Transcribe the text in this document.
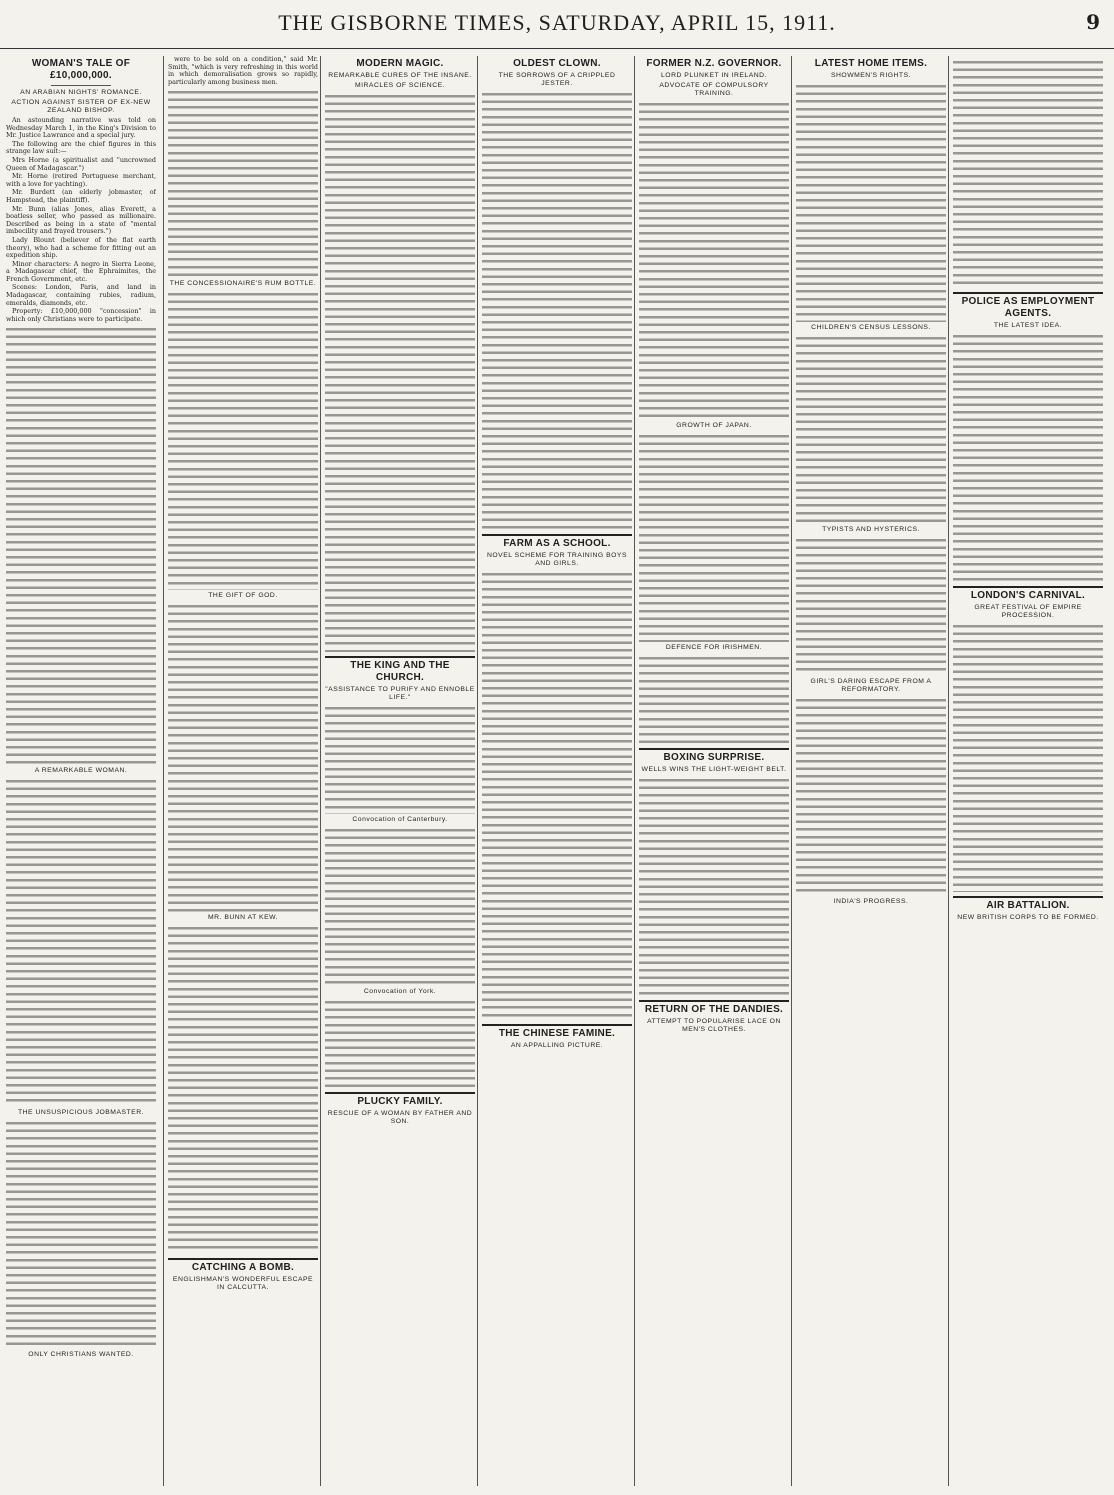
THE GISBORNE TIMES, SATURDAY, APRIL 15, 1911.	9
WOMAN'S TALE OF £10,000,000.
AN ARABIAN NIGHTS' ROMANCE.
ACTION AGAINST SISTER OF EX-NEW ZEALAND BISHOP.

An astounding narrative was told on Wednesday March 1, in the King's Division to Mr. Justice Lawrance and a special jury.

The following are the chief figures in this strange law suit:—

Mrs Horne (a spiritualist and "uncrowned Queen of Madagascar.")

Mr. Horne (retired Portuguese merchant, with a love for yachting).

Mr. Burdett (an elderly jobmaster, of Hampstead, the plaintiff).

Mr. Bunn (alias Jones, alias Everett, a boatless seller, who passed as millionaire. Described as being in a state of "mental imbecility and frayed trousers.")

Lady Blount (believer of the flat earth theory), who had a scheme for fitting out an expedition ship.

Minor characters: A negro in Sierra Leone, a Madagascar chief, the Ephraimites, the French Government, etc.

Scenes: London, Paris, and land in Madagascar, containing rubies, radium, emeralds, diamonds, etc.

Property: £10,000,000 "concession" in which only Christians were to participate.

A REMARKABLE WOMAN.
THE UNSUSPICIOUS JOBMASTER.
ONLY CHRISTIANS WANTED.

were to be sold on a condition," said Mr. Smith, "which is very refreshing in this world in which demoralisation grows so rapidly, particularly among business men.

THE CONCESSIONAIRE'S RUM BOTTLE.
THE GIFT OF GOD.
MR. BUNN AT KEW.
CATCHING A BOMB.
ENGLISHMAN'S WONDERFUL ESCAPE IN CALCUTTA.
MODERN MAGIC.
REMARKABLE CURES OF THE INSANE.
MIRACLES OF SCIENCE.
THE KING AND THE CHURCH.
"ASSISTANCE TO PURIFY AND ENNOBLE LIFE."
Convocation of Canterbury.
Convocation of York.
PLUCKY FAMILY.
RESCUE OF A WOMAN BY FATHER AND SON.
OLDEST CLOWN.
THE SORROWS OF A CRIPPLED JESTER.
FARM AS A SCHOOL.
NOVEL SCHEME FOR TRAINING BOYS AND GIRLS.
THE CHINESE FAMINE.
AN APPALLING PICTURE.
FORMER N.Z. GOVERNOR.
LORD PLUNKET IN IRELAND.
ADVOCATE OF COMPULSORY TRAINING.
GROWTH OF JAPAN.
DEFENCE FOR IRISHMEN.
BOXING SURPRISE.
WELLS WINS THE LIGHT-WEIGHT BELT.
RETURN OF THE DANDIES.
ATTEMPT TO POPULARISE LACE ON MEN'S CLOTHES.
LATEST HOME ITEMS.
SHOWMEN'S RIGHTS.
CHILDREN'S CENSUS LESSONS.
TYPISTS AND HYSTERICS.
GIRL'S DARING ESCAPE FROM A REFORMATORY.
INDIA'S PROGRESS.
POLICE AS EMPLOYMENT AGENTS.
THE LATEST IDEA.
LONDON'S CARNIVAL.
GREAT FESTIVAL OF EMPIRE PROCESSION.
AIR BATTALION.
NEW BRITISH CORPS TO BE FORMED.
